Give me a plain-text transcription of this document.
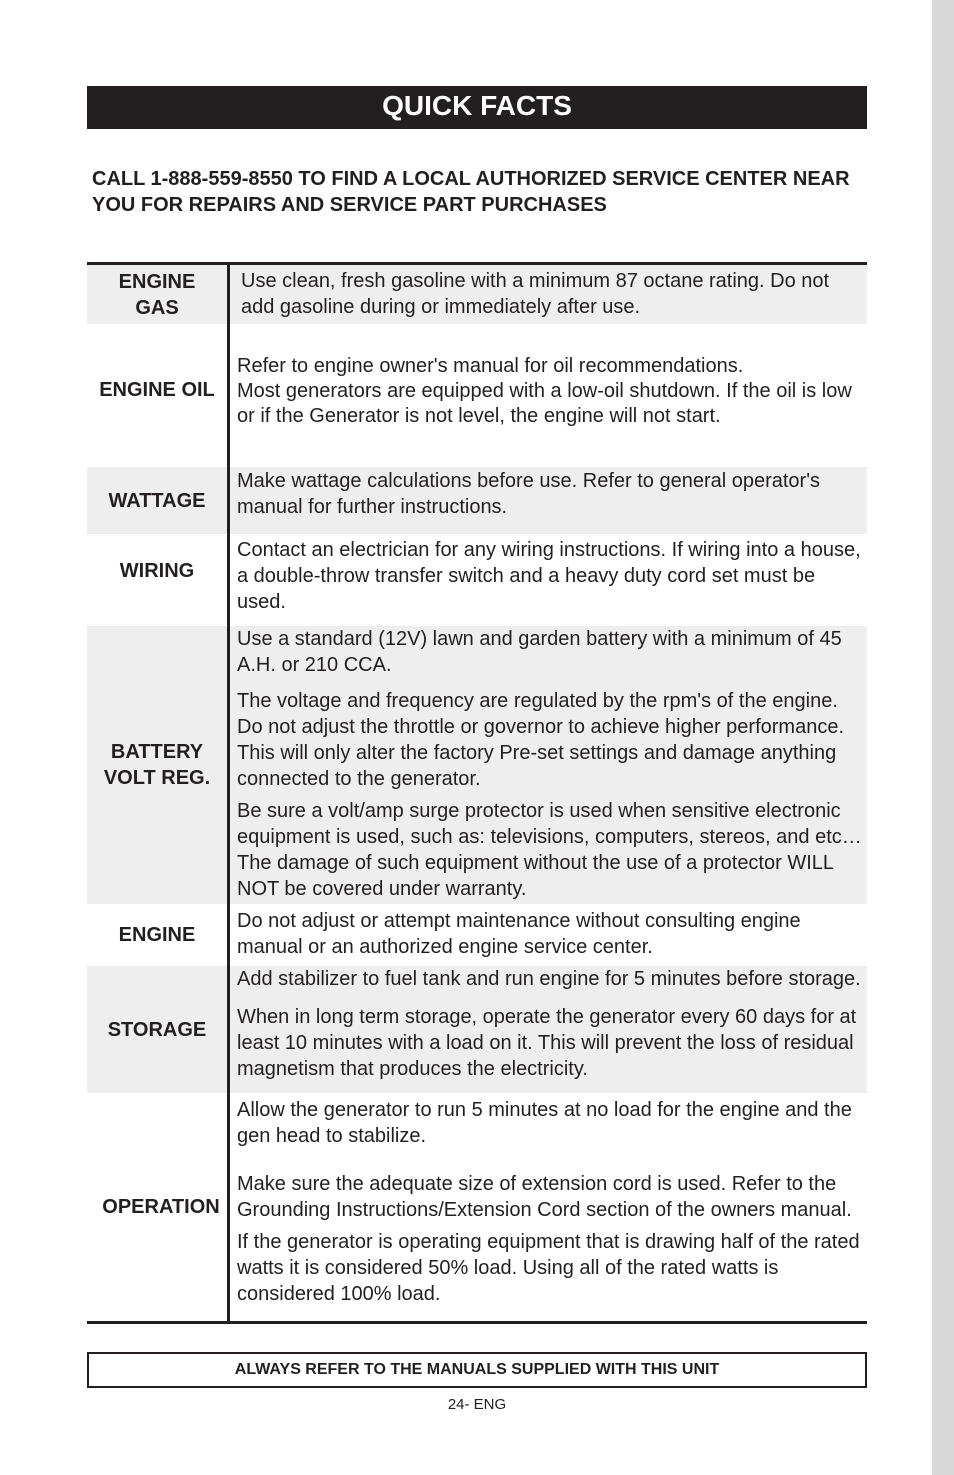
QUICK FACTS
CALL 1-888-559-8550 TO FIND A LOCAL AUTHORIZED SERVICE CENTER NEAR YOU FOR REPAIRS AND SERVICE PART PURCHASES
ENGINE
GAS

Use clean, fresh gasoline with a minimum 87 octane rating. Do not add gasoline during or immediately after use.

ENGINE OIL

Refer to engine owner's manual for oil recommendations.
Most generators are equipped with a low-oil shutdown. If the oil is low or if the Generator is not level, the engine will not start.

WATTAGE

Make wattage calculations before use. Refer to general operator's manual for further instructions.

WIRING

Contact an electrician for any wiring instructions. If wiring into a house, a double-throw transfer switch and a heavy duty cord set must be used.

BATTERY
VOLT REG.

Use a standard (12V) lawn and garden battery with a minimum of 45 A.H. or 210 CCA.

The voltage and frequency are regulated by the rpm's of the engine. Do not adjust the throttle or governor to achieve higher performance. This will only alter the factory Pre-set settings and damage anything connected to the generator.

Be sure a volt/amp surge protector is used when sensitive electronic equipment is used, such as: televisions, computers, stereos, and etc… The damage of such equipment without the use of a protector WILL NOT be covered under warranty.

ENGINE

Do not adjust or attempt maintenance without consulting engine manual or an authorized engine service center.

STORAGE

Add stabilizer to fuel tank and run engine for 5 minutes before storage.

When in long term storage, operate the generator every 60 days for at least 10 minutes with a load on it. This will prevent the loss of residual magnetism that produces the electricity.

OPERATION

Allow the generator to run 5 minutes at no load for the engine and the gen head to stabilize.

Make sure the adequate size of extension cord is used. Refer to the Grounding Instructions/Extension Cord section of the owners manual.

If the generator is operating equipment that is drawing half of the rated watts it is considered 50% load. Using all of the rated watts is considered 100% load.

ALWAYS REFER TO THE MANUALS SUPPLIED WITH THIS UNIT
24- ENG
